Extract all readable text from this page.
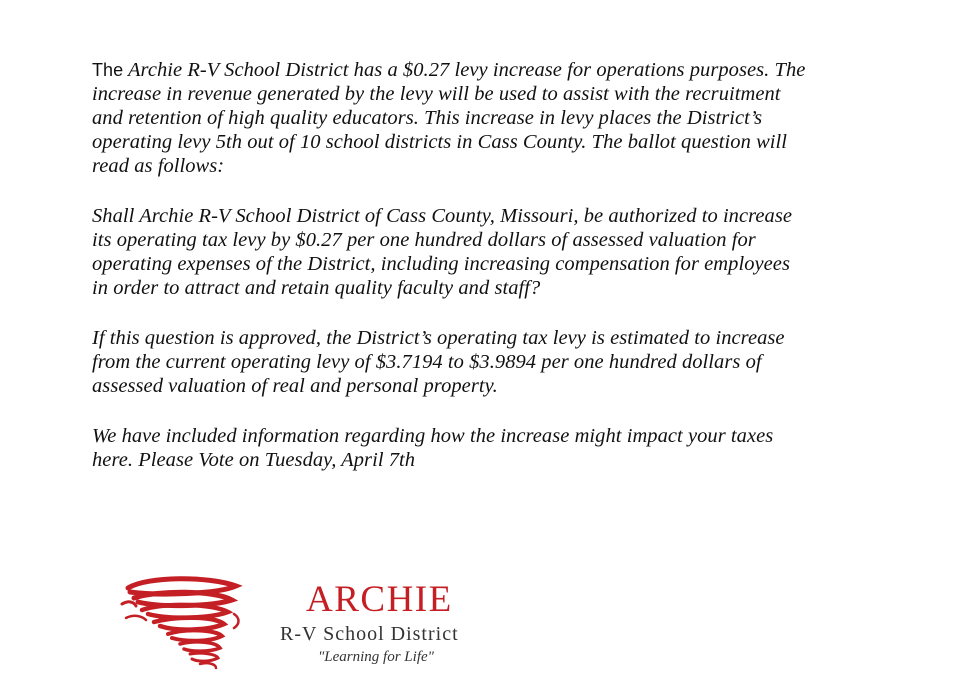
The Archie R-V School District has a $0.27 levy increase for operations purposes. The
increase in revenue generated by the levy will be used to assist with the recruitment
and retention of high quality educators. This increase in levy places the District’s
operating levy 5th out of 10 school districts in Cass County. The ballot question will
read as follows:

Shall Archie R-V School District of Cass County, Missouri, be authorized to increase
its operating tax levy by $0.27 per one hundred dollars of assessed valuation for
operating expenses of the District, including increasing compensation for employees
in order to attract and retain quality faculty and staff?

If this question is approved, the District’s operating tax levy is estimated to increase
from the current operating levy of $3.7194 to $3.9894 per one hundred dollars of
assessed valuation of real and personal property.

We have included information regarding how the increase might impact your taxes
here. Please Vote on Tuesday, April 7th

ARCHIE
R-V School District
"Learning for Life"
